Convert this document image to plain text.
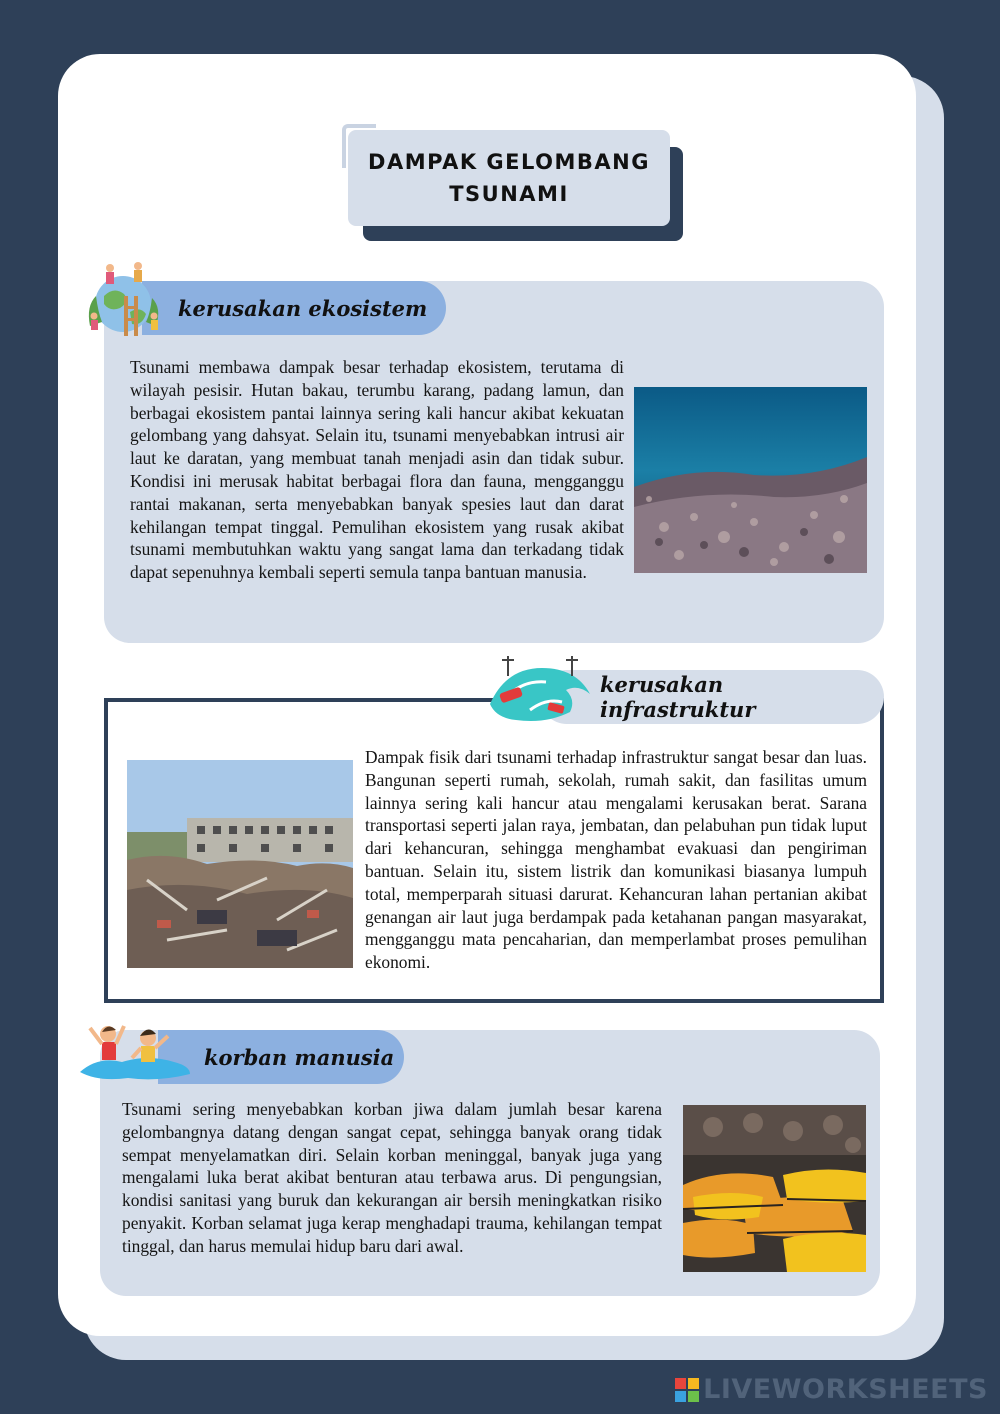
DAMPAK GELOMBANG
TSUNAMI
kerusakan ekosistem

Tsunami membawa dampak besar terhadap ekosistem, terutama di wilayah pesisir. Hutan bakau, terumbu karang, padang lamun, dan berbagai ekosistem pantai lainnya sering kali hancur akibat kekuatan gelombang yang dahsyat. Selain itu, tsunami menyebabkan intrusi air laut ke daratan, yang membuat tanah menjadi asin dan tidak subur. Kondisi ini merusak habitat berbagai flora dan fauna, mengganggu rantai makanan, serta menyebabkan banyak spesies laut dan darat kehilangan tempat tinggal. Pemulihan ekosistem yang rusak akibat tsunami membutuhkan waktu yang sangat lama dan terkadang tidak dapat sepenuhnya kembali seperti semula tanpa bantuan manusia.

kerusakan infrastruktur

Dampak fisik dari tsunami terhadap infrastruktur sangat besar dan luas. Bangunan seperti rumah, sekolah, rumah sakit, dan fasilitas umum lainnya sering kali hancur atau mengalami kerusakan berat. Sarana transportasi seperti jalan raya, jembatan, dan pelabuhan pun tidak luput dari kehancuran, sehingga menghambat evakuasi dan pengiriman bantuan. Selain itu, sistem listrik dan komunikasi biasanya lumpuh total, memperparah situasi darurat. Kehancuran lahan pertanian akibat genangan air laut juga berdampak pada ketahanan pangan masyarakat, mengganggu mata pencaharian, dan memperlambat proses pemulihan ekonomi.

korban manusia

Tsunami sering menyebabkan korban jiwa dalam jumlah besar karena gelombangnya datang dengan sangat cepat, sehingga banyak orang tidak sempat menyelamatkan diri. Selain korban meninggal, banyak juga yang mengalami luka berat akibat benturan atau terbawa arus. Di pengungsian, kondisi sanitasi yang buruk dan kekurangan air bersih meningkatkan risiko penyakit. Korban selamat juga kerap menghadapi trauma, kehilangan tempat tinggal, dan harus memulai hidup baru dari awal.

LIVEWORKSHEETS
